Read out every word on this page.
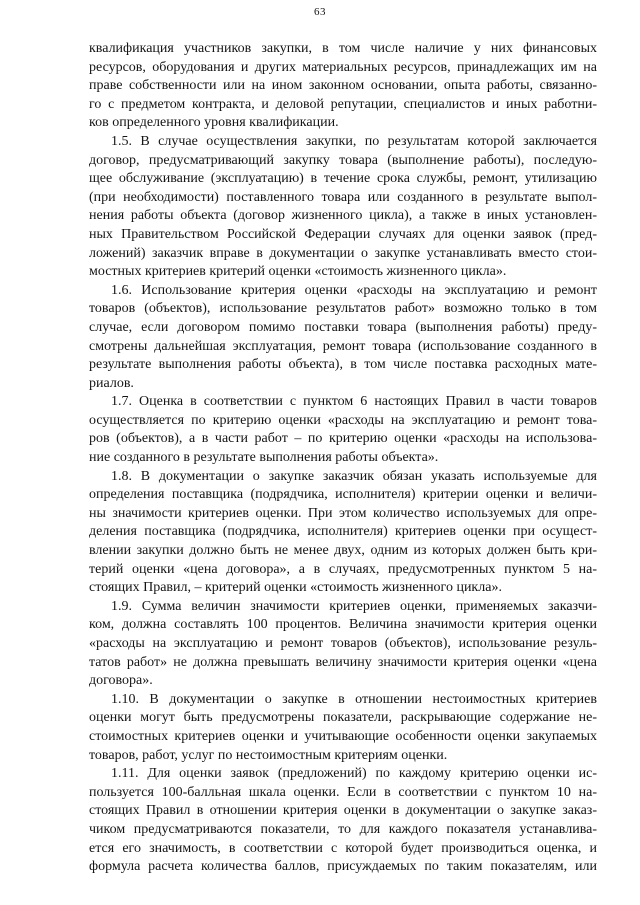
63
квалификация участников закупки, в том числе наличие у них финансовых
ресурсов, оборудования и других материальных ресурсов, принадлежащих им на
праве собственности или на ином законном основании, опыта работы, связанно-
го с предметом контракта, и деловой репутации, специалистов и иных работни-
ков определенного уровня квалификации.
1.5. В случае осуществления закупки, по результатам которой заключается
договор, предусматривающий закупку товара (выполнение работы), последую-
щее обслуживание (эксплуатацию) в течение срока службы, ремонт, утилизацию
(при необходимости) поставленного товара или созданного в результате выпол-
нения работы объекта (договор жизненного цикла), а также в иных установлен-
ных Правительством Российской Федерации случаях для оценки заявок (пред-
ложений) заказчик вправе в документации о закупке устанавливать вместо стои-
мостных критериев критерий оценки «стоимость жизненного цикла».
1.6. Использование критерия оценки «расходы на эксплуатацию и ремонт
товаров (объектов), использование результатов работ» возможно только в том
случае, если договором помимо поставки товара (выполнения работы) преду-
смотрены дальнейшая эксплуатация, ремонт товара (использование созданного в
результате выполнения работы объекта), в том числе поставка расходных мате-
риалов.
1.7. Оценка в соответствии с пунктом 6 настоящих Правил в части товаров
осуществляется по критерию оценки «расходы на эксплуатацию и ремонт това-
ров (объектов), а в части работ – по критерию оценки «расходы на использова-
ние созданного в результате выполнения работы объекта».
1.8. В документации о закупке заказчик обязан указать используемые для
определения поставщика (подрядчика, исполнителя) критерии оценки и величи-
ны значимости критериев оценки. При этом количество используемых для опре-
деления поставщика (подрядчика, исполнителя) критериев оценки при осущест-
влении закупки должно быть не менее двух, одним из которых должен быть кри-
терий оценки «цена договора», а в случаях, предусмотренных пунктом 5 на-
стоящих Правил, – критерий оценки «стоимость жизненного цикла».
1.9. Сумма величин значимости критериев оценки, применяемых заказчи-
ком, должна составлять 100 процентов. Величина значимости критерия оценки
«расходы на эксплуатацию и ремонт товаров (объектов), использование резуль-
татов работ» не должна превышать величину значимости критерия оценки «цена
договора».
1.10. В документации о закупке в отношении нестоимостных критериев
оценки могут быть предусмотрены показатели, раскрывающие содержание не-
стоимостных критериев оценки и учитывающие особенности оценки закупаемых
товаров, работ, услуг по нестоимостным критериям оценки.
1.11. Для оценки заявок (предложений) по каждому критерию оценки ис-
пользуется 100-балльная шкала оценки. Если в соответствии с пунктом 10 на-
стоящих Правил в отношении критерия оценки в документации о закупке заказ-
чиком предусматриваются показатели, то для каждого показателя устанавлива-
ется его значимость, в соответствии с которой будет производиться оценка, и
формула расчета количества баллов, присуждаемых по таким показателям, или
